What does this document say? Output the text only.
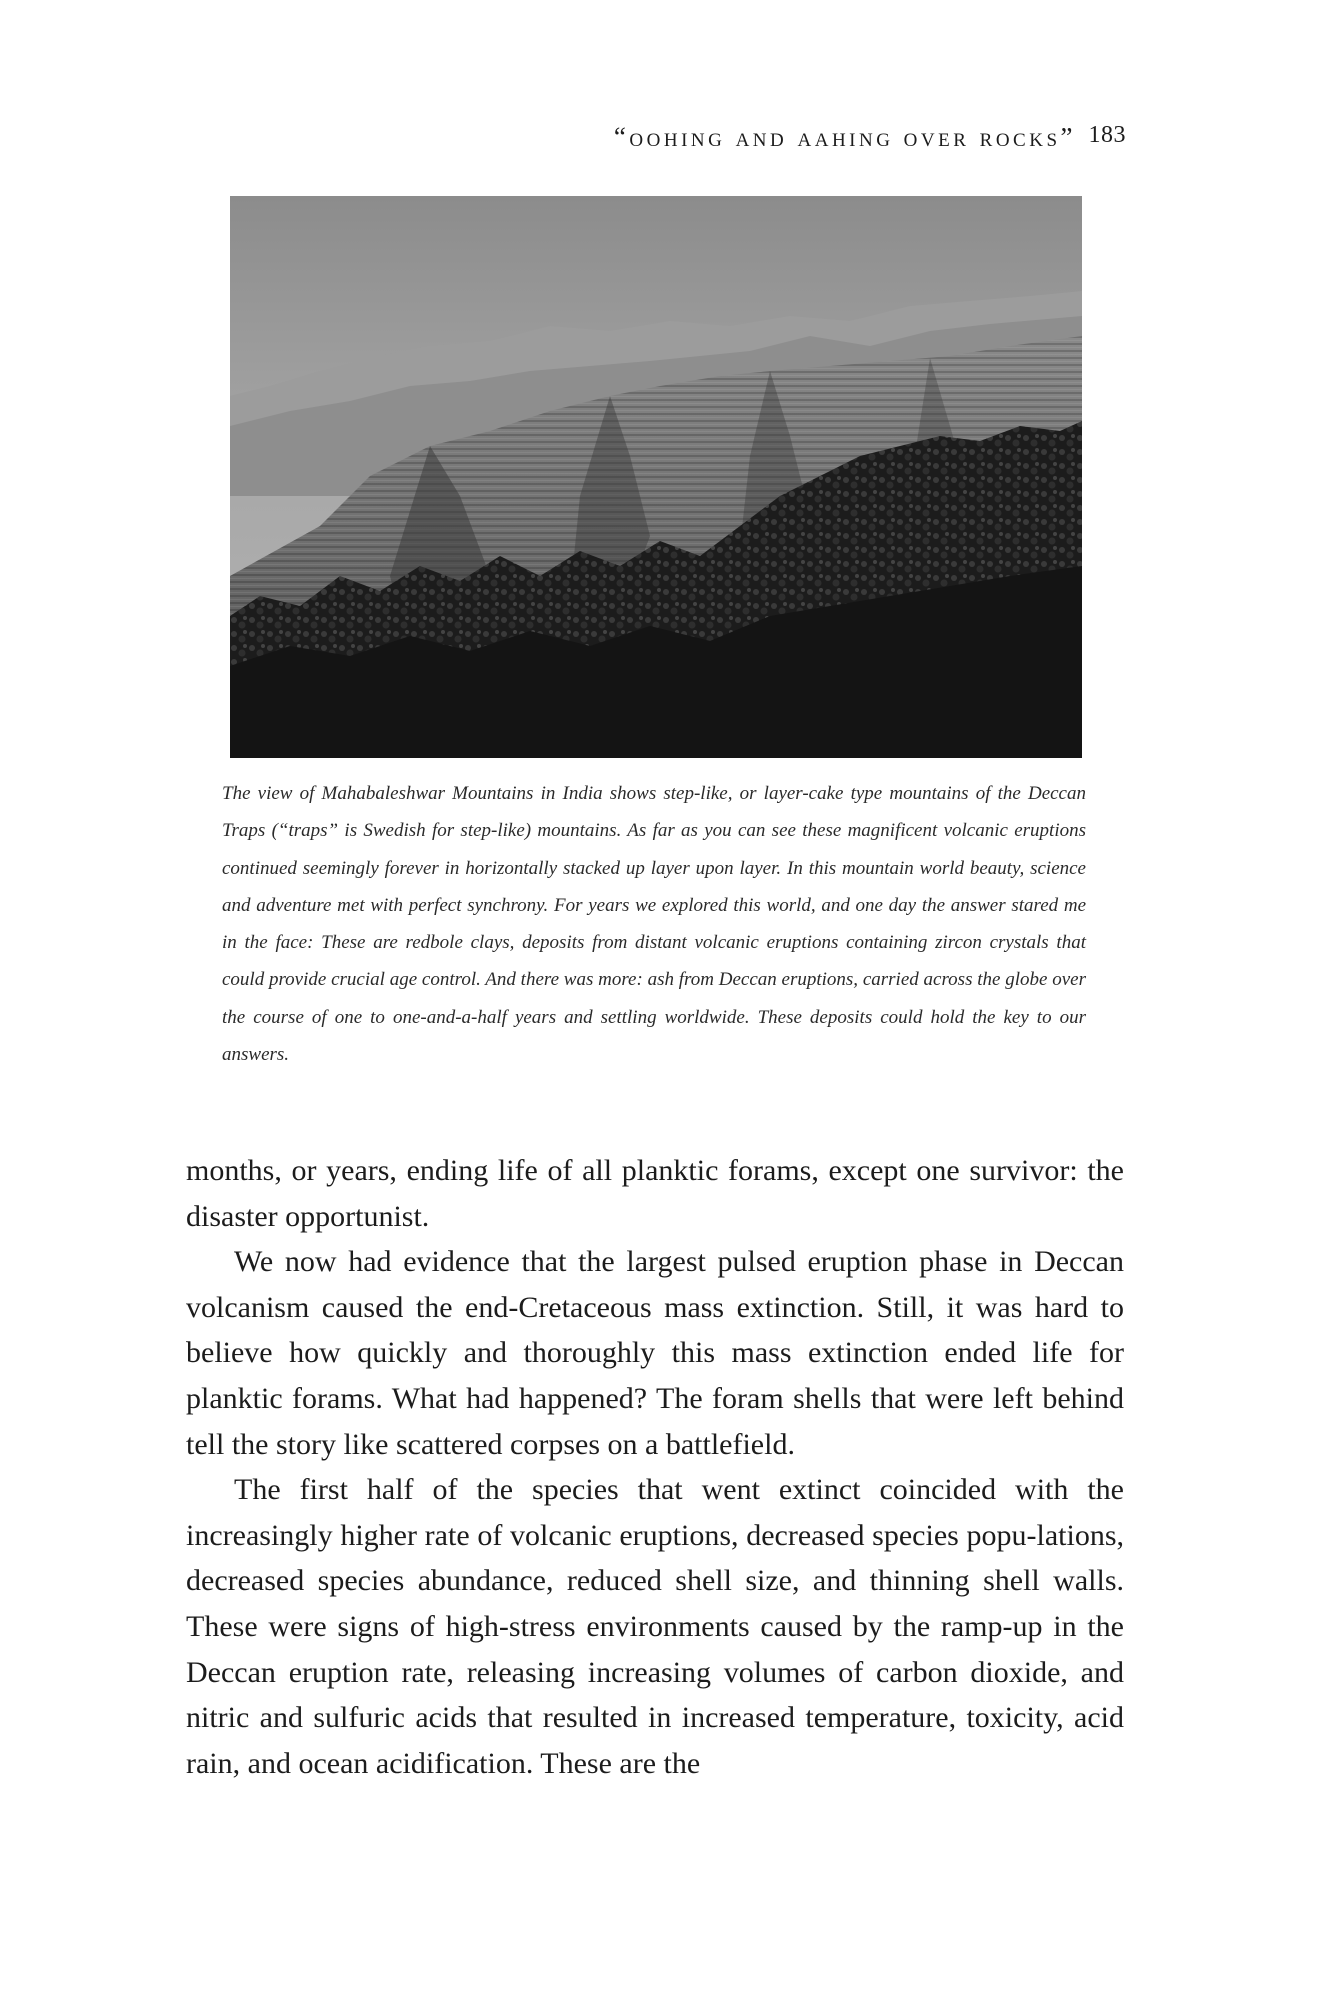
“oohing and aahing over rocks” 183
The view of Mahabaleshwar Mountains in India shows step-like, or layer-cake type mountains of the Deccan Traps (“traps” is Swedish for step-like) mountains. As far as you can see these magnificent volcanic eruptions continued seemingly forever in horizontally stacked up layer upon layer. In this mountain world beauty, science and adventure met with perfect synchrony. For years we explored this world, and one day the answer stared me in the face: These are redbole clays, deposits from distant volcanic eruptions containing zircon crystals that could provide crucial age control. And there was more: ash from Deccan eruptions, carried across the globe over the course of one to one-and-a-half years and settling worldwide. These deposits could hold the key to our answers.

months, or years, ending life of all planktic forams, except one survivor: the disaster opportunist.

We now had evidence that the largest pulsed eruption phase in Deccan volcanism caused the end-Cretaceous mass extinction. Still, it was hard to believe how quickly and thoroughly this mass extinction ended life for planktic forams. What had happened? The foram shells that were left behind tell the story like scattered corpses on a battlefield.

The first half of the species that went extinct coincided with the increasingly higher rate of volcanic eruptions, decreased species popu-lations, decreased species abundance, reduced shell size, and thinning shell walls. These were signs of high-stress environments caused by the ramp-up in the Deccan eruption rate, releasing increasing volumes of carbon dioxide, and nitric and sulfuric acids that resulted in increased temperature, toxicity, acid rain, and ocean acidification. These are the
